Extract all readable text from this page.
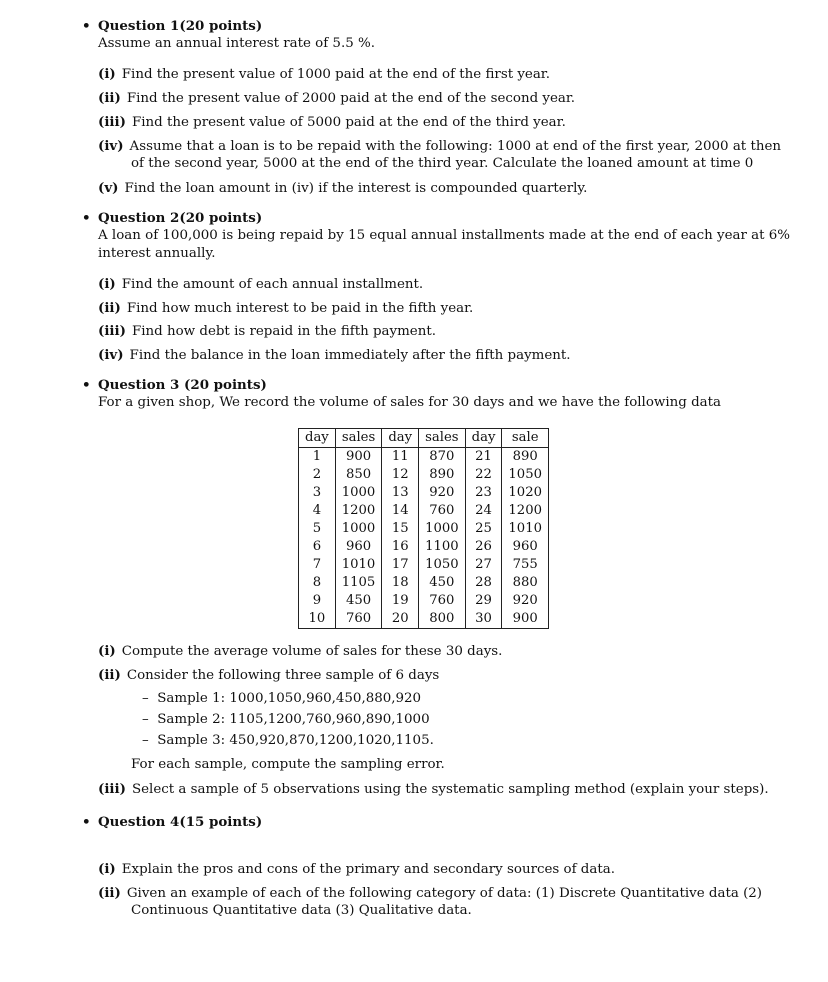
• Question 1(20 points)
Assume an annual interest rate of 5.5 %.
(i) Find the present value of 1000 paid at the end of the first year.
(ii) Find the present value of 2000 paid at the end of the second year.
(iii) Find the present value of 5000 paid at the end of the third year.
(iv) Assume that a loan is to be repaid with the following: 1000 at end of the first year, 2000 at then
of the second year, 5000 at the end of the third year. Calculate the loaned amount at time 0
(v) Find the loan amount in (iv) if the interest is compounded quarterly.
• Question 2(20 points)
A loan of 100,000 is being repaid by 15 equal annual installments made at the end of each year at 6%
interest annually.
(i) Find the amount of each annual installment.
(ii) Find how much interest to be paid in the fifth year.
(iii) Find how debt is repaid in the fifth payment.
(iv) Find the balance in the loan immediately after the fifth payment.
• Question 3 (20 points)
For a given shop, We record the volume of sales for 30 days and we have the following data
day	sales	day	sales	day	sale
1	900	11	870	21	890
2	850	12	890	22	1050
3	1000	13	920	23	1020
4	1200	14	760	24	1200
5	1000	15	1000	25	1010
6	960	16	1100	26	960
7	1010	17	1050	27	755
8	1105	18	450	28	880
9	450	19	760	29	920
10	760	20	800	30	900
(i) Compute the average volume of sales for these 30 days.
(ii) Consider the following three sample of 6 days
– Sample 1: 1000,1050,960,450,880,920
– Sample 2: 1105,1200,760,960,890,1000
– Sample 3: 450,920,870,1200,1020,1105.
For each sample, compute the sampling error.
(iii) Select a sample of 5 observations using the systematic sampling method (explain your steps).
• Question 4(15 points)
(i) Explain the pros and cons of the primary and secondary sources of data.
(ii) Given an example of each of the following category of data: (1) Discrete Quantitative data (2)
Continuous Quantitative data (3) Qualitative data.
